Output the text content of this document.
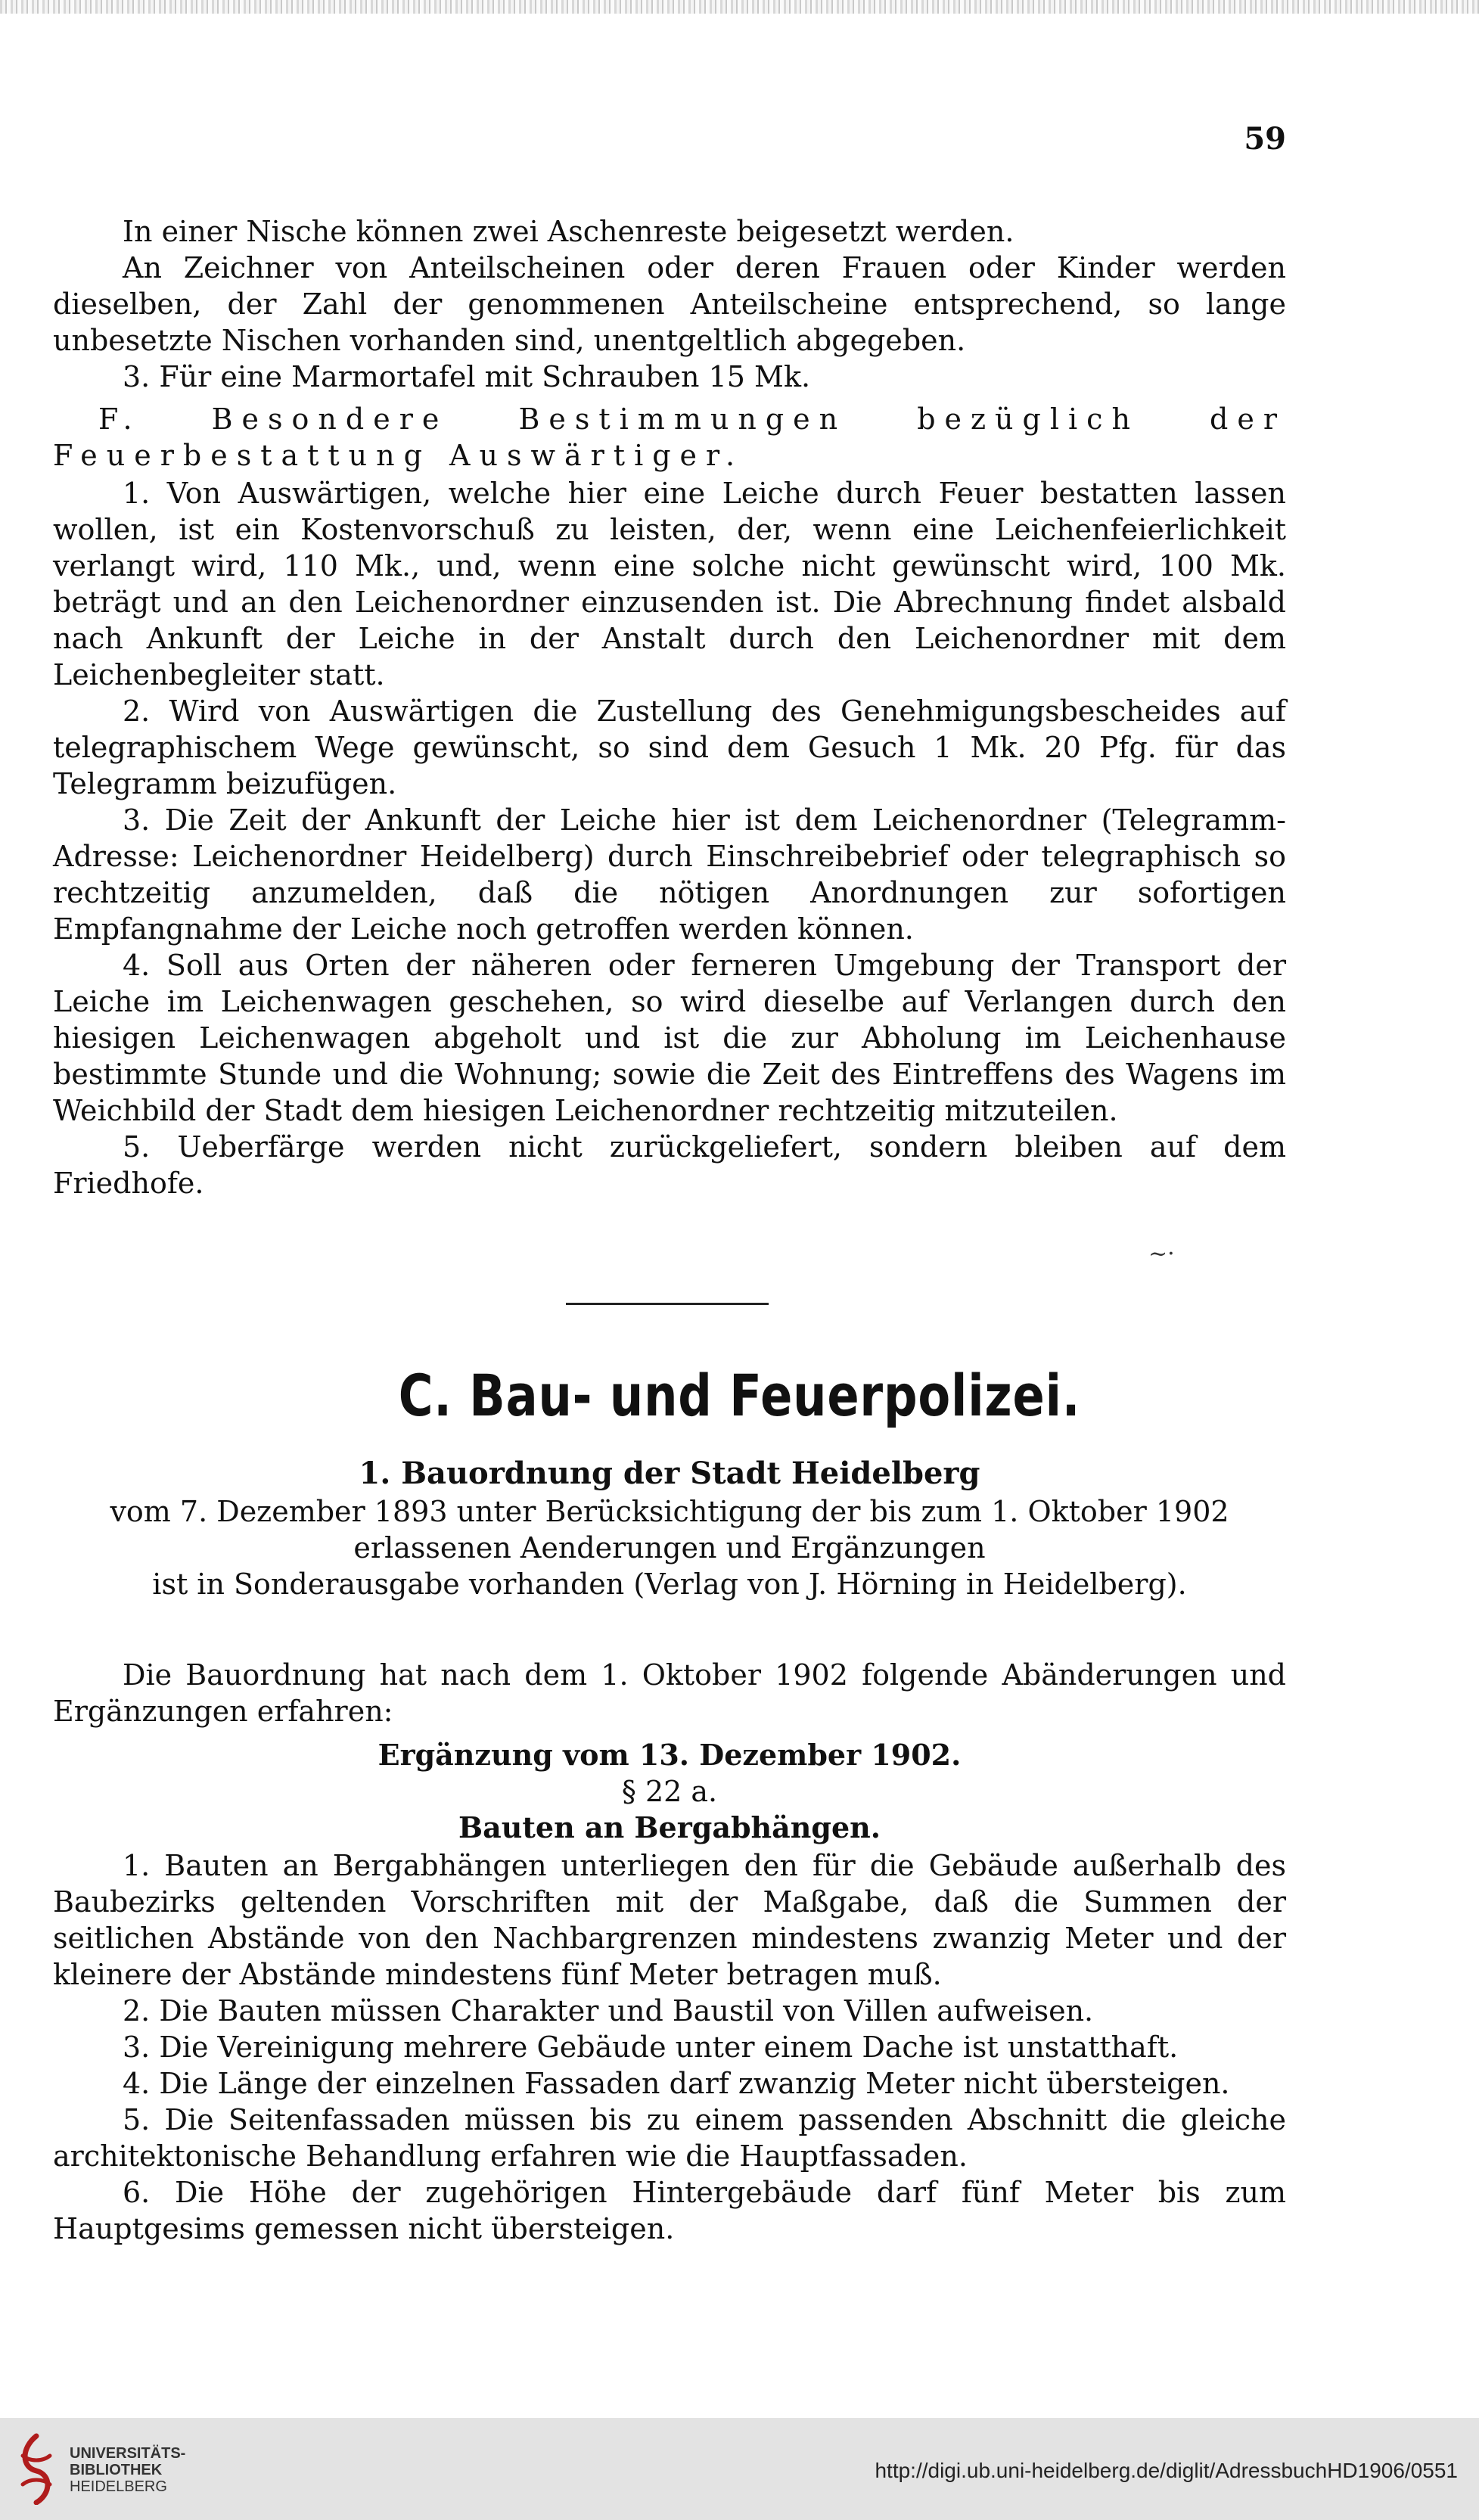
59

In einer Nische können zwei Aschenreste beigesetzt werden.

An Zeichner von Anteilscheinen oder deren Frauen oder Kinder werden dieselben, der Zahl der genommenen Anteilscheine entsprechend, so lange unbesetzte Nischen vorhanden sind, unentgeltlich abgegeben.

3. Für eine Marmortafel mit Schrauben 15 Mk.

F. Besondere Bestimmungen bezüglich der Feuerbestattung Auswärtiger.

1. Von Auswärtigen, welche hier eine Leiche durch Feuer bestatten lassen wollen, ist ein Kostenvorschuß zu leisten, der, wenn eine Leichenfeierlichkeit verlangt wird, 110 Mk., und, wenn eine solche nicht gewünscht wird, 100 Mk. beträgt und an den Leichenordner einzusenden ist. Die Abrechnung findet alsbald nach Ankunft der Leiche in der Anstalt durch den Leichenordner mit dem Leichenbegleiter statt.

2. Wird von Auswärtigen die Zustellung des Genehmigungsbescheides auf telegraphischem Wege gewünscht, so sind dem Gesuch 1 Mk. 20 Pfg. für das Telegramm beizufügen.

3. Die Zeit der Ankunft der Leiche hier ist dem Leichenordner (Telegramm-Adresse: Leichenordner Heidelberg) durch Einschreibebrief oder telegraphisch so rechtzeitig anzumelden, daß die nötigen Anordnungen zur sofortigen Empfangnahme der Leiche noch getroffen werden können.

4. Soll aus Orten der näheren oder ferneren Umgebung der Transport der Leiche im Leichenwagen geschehen, so wird dieselbe auf Verlangen durch den hiesigen Leichenwagen abgeholt und ist die zur Abholung im Leichenhause bestimmte Stunde und die Wohnung; sowie die Zeit des Eintreffens des Wagens im Weichbild der Stadt dem hiesigen Leichenordner rechtzeitig mitzuteilen.

5. Ueberfärge werden nicht zurückgeliefert, sondern bleiben auf dem Friedhofe.

~·
C. Bau- und Feuerpolizei.

1. Bauordnung der Stadt Heidelberg

vom 7. Dezember 1893 unter Berücksichtigung der bis zum 1. Oktober 1902 erlassenen Aenderungen und Ergänzungen

ist in Sonderausgabe vorhanden (Verlag von J. Hörning in Heidelberg).

Die Bauordnung hat nach dem 1. Oktober 1902 folgende Abänderungen und Ergänzungen erfahren:

Ergänzung vom 13. Dezember 1902.

§ 22 a.

Bauten an Bergabhängen.

1. Bauten an Bergabhängen unterliegen den für die Gebäude außerhalb des Baubezirks geltenden Vorschriften mit der Maßgabe, daß die Summen der seitlichen Abstände von den Nachbargrenzen mindestens zwanzig Meter und der kleinere der Abstände mindestens fünf Meter betragen muß.

2. Die Bauten müssen Charakter und Baustil von Villen aufweisen.

3. Die Vereinigung mehrere Gebäude unter einem Dache ist unstatthaft.

4. Die Länge der einzelnen Fassaden darf zwanzig Meter nicht übersteigen.

5. Die Seitenfassaden müssen bis zu einem passenden Abschnitt die gleiche architektonische Behandlung erfahren wie die Hauptfassaden.

6. Die Höhe der zugehörigen Hintergebäude darf fünf Meter bis zum Hauptgesims gemessen nicht übersteigen.

UNIVERSITÄTS-
BIBLIOTHEK
HEIDELBERG
http://digi.ub.uni-heidelberg.de/diglit/AdressbuchHD1906/0551
